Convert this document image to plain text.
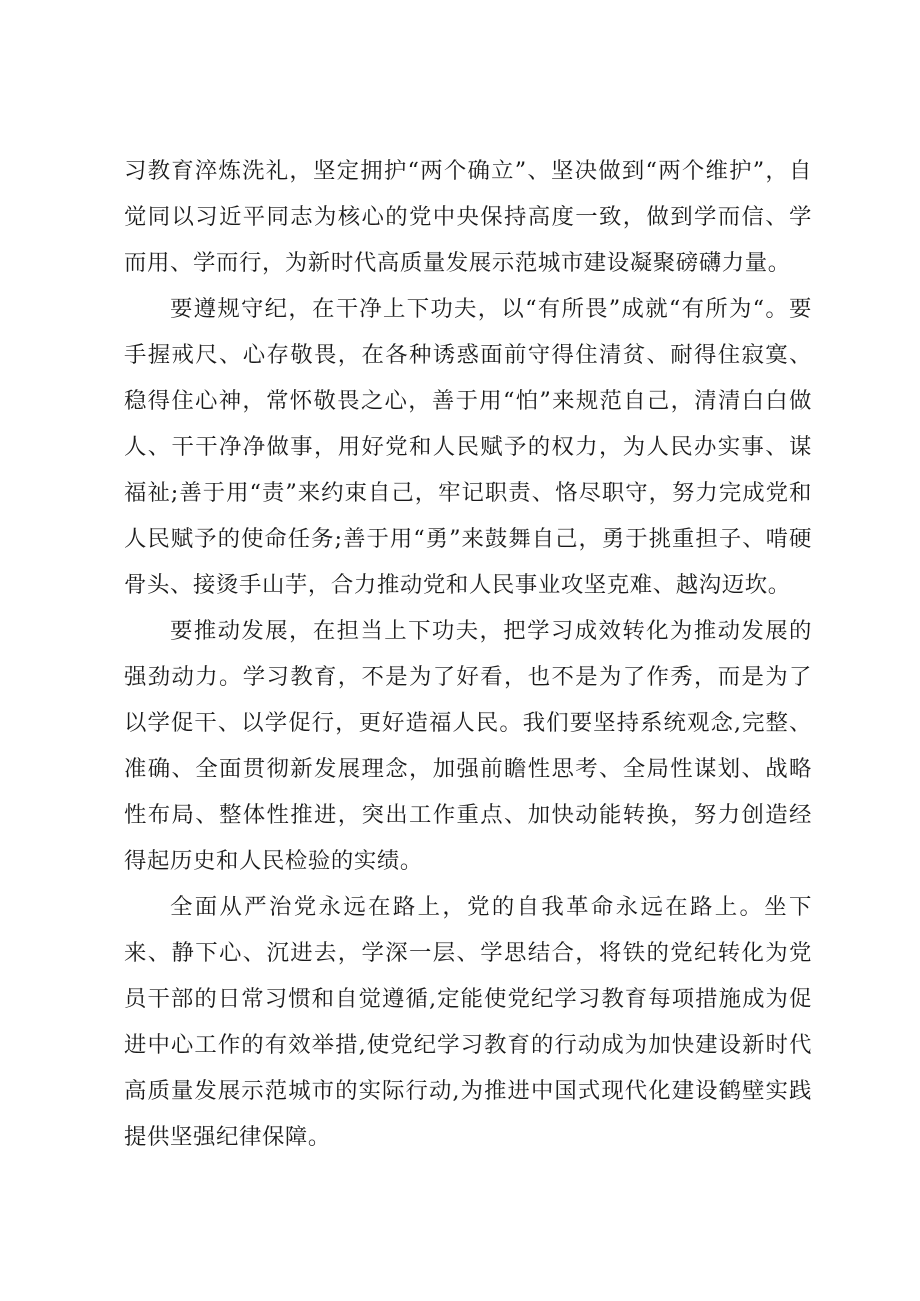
习教育淬炼洗礼，坚定拥护“两个确立”、坚决做到“两个维护”，自觉同以习近平同志为核心的党中央保持高度一致，做到学而信、学而用、学而行，为新时代高质量发展示范城市建设凝聚磅礴力量。

要遵规守纪，在干净上下功夫，以“有所畏”成就“有所为“。要手握戒尺、心存敬畏，在各种诱惑面前守得住清贫、耐得住寂寞、稳得住心神，常怀敬畏之心，善于用“怕”来规范自己，清清白白做人、干干净净做事，用好党和人民赋予的权力，为人民办实事、谋福祉;善于用“责”来约束自己，牢记职责、恪尽职守，努力完成党和人民赋予的使命任务;善于用“勇”来鼓舞自己，勇于挑重担子、啃硬骨头、接烫手山芋，合力推动党和人民事业攻坚克难、越沟迈坎。

要推动发展，在担当上下功夫，把学习成效转化为推动发展的强劲动力。学习教育，不是为了好看，也不是为了作秀，而是为了以学促干、以学促行，更好造福人民。我们要坚持系统观念,完整、准确、全面贯彻新发展理念，加强前瞻性思考、全局性谋划、战略性布局、整体性推进，突出工作重点、加快动能转换，努力创造经得起历史和人民检验的实绩。

全面从严治党永远在路上，党的自我革命永远在路上。坐下来、静下心、沉进去，学深一层、学思结合，将铁的党纪转化为党员干部的日常习惯和自觉遵循,定能使党纪学习教育每项措施成为促进中心工作的有效举措,使党纪学习教育的行动成为加快建设新时代高质量发展示范城市的实际行动,为推进中国式现代化建设鹤壁实践提供坚强纪律保障。
